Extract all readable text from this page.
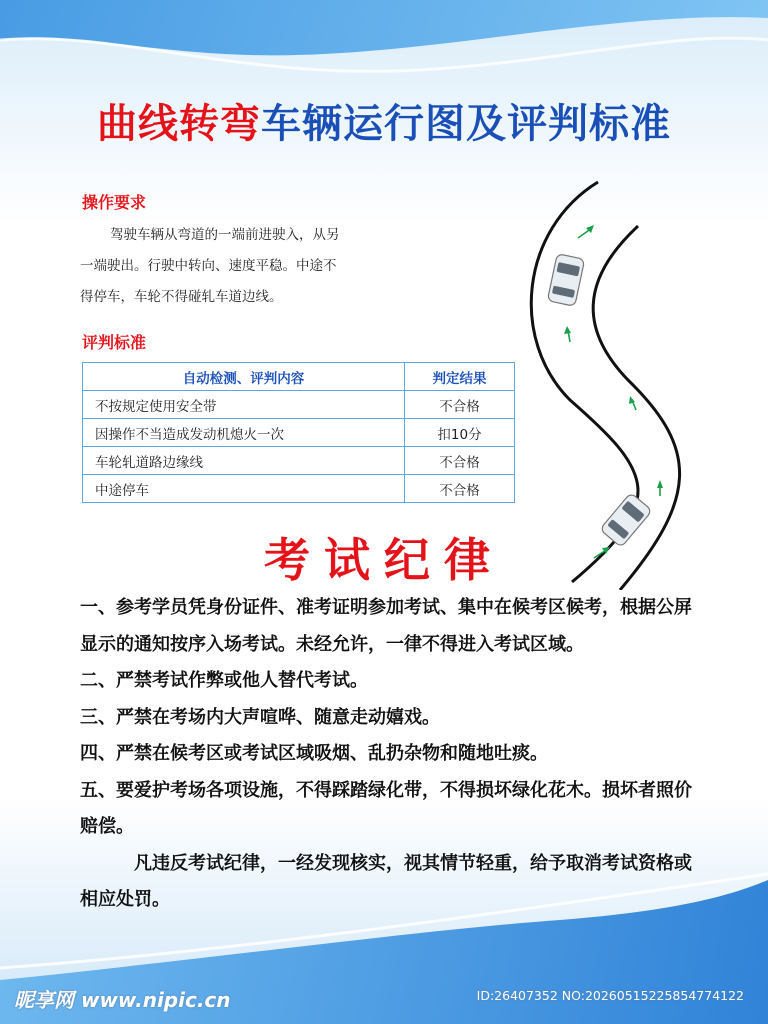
曲线转弯车辆运行图及评判标准
操作要求
驾驶车辆从弯道的一端前进驶入，从另
一端驶出。行驶中转向、速度平稳。中途不
得停车，车轮不得碰轧车道边线。
评判标准
自动检测、评判内容	判定结果
不按规定使用安全带	不合格
因操作不当造成发动机熄火一次	扣10分
车轮轧道路边缘线	不合格
中途停车	不合格
考试纪律

一、参考学员凭身份证件、准考证明参加考试、集中在候考区候考，根据公屏显示的通知按序入场考试。未经允许，一律不得进入考试区域。

二、严禁考试作弊或他人替代考试。

三、严禁在考场内大声喧哗、随意走动嬉戏。

四、严禁在候考区或考试区域吸烟、乱扔杂物和随地吐痰。

五、要爱护考场各项设施，不得踩踏绿化带，不得损坏绿化花木。损坏者照价赔偿。

凡违反考试纪律，一经发现核实，视其情节轻重，给予取消考试资格或相应处罚。

昵享网 www.nipic.cn	ID:26407352 NO:20260515225854774122
